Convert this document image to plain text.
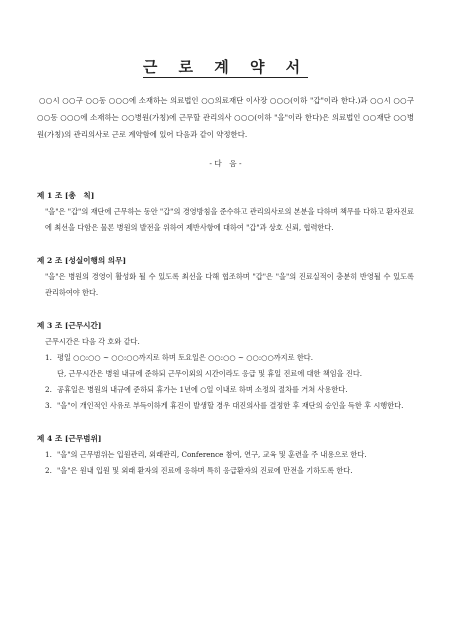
근 로 계 약 서
○○시 ○○구 ○○동 ○○○에 소재하는 의료법인 ○○의료재단 이사장 ○○○(이하 "갑"이라 한다.)과 ○○시 ○○구 ○○동 ○○○에 소재하는 ○○병원(가칭)에 근무할 관리의사 ○○○(이하 "을"이라 한다)은 의료법인 ○○재단 ○○병원(가칭)의 관리의사로 근로 계약함에 있어 다음과 같이 약정한다.
- 다　음 -
제 1 조 [총　칙]
"을"은 "갑"의 재단에 근무하는 동안 "갑"의 경영방침을 준수하고 관리의사로의 본분을 다하며 책무를 다하고 환자진료에 최선을 다함은 물론 병원의 발전을 위하여 제반사항에 대하여 "갑"과 상호 신뢰, 협력한다.
제 2 조 [성실이행의 의무]
"을"은 병원의 경영이 활성화 될 수 있도록 최선을 다해 협조하며 "갑"은 "을"의 진료실적이 충분히 반영될 수 있도록 관리하여야 한다.
제 3 조 [근무시간]
근무시간은 다음 각 호와 같다.
1. 평일 ○○:○○ ~ ○○:○○까지로 하며 토요일은 ○○:○○ ~ ○○:○○까지로 한다.
단, 근무시간은 병원 내규에 준하되 근무이외의 시간이라도 응급 및 휴일 진료에 대한 책임을 진다.
2. 공휴일은 병원의 내규에 준하되 휴가는 1년에 ○일 이내로 하며 소정의 절차를 거쳐 사용한다.
3. "을"이 개인적인 사유로 부득이하게 휴진이 발생할 경우 대진의사를 결정한 후 재단의 승인을 득한 후 시행한다.
제 4 조 [근무범위]
1. "을"의 근무범위는 입원관리, 외래관리, Conference 참여, 연구, 교육 및 훈련을 주 내용으로 한다.
2. "을"은 원내 입원 및 외래 환자의 진료에 응하며 특히 응급환자의 진료에 만전을 기하도록 한다.
